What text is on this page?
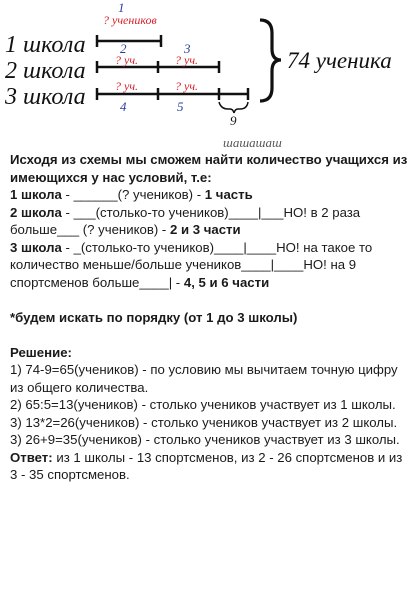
1 школа
2 школа
3 школа
1
? учеников
2	3
? уч.	? уч.
? уч.	? уч.
4	5
9
шашашаш
74 ученика

Исходя из схемы мы сможем найти количество учащихся из имеющихся у нас условий, т.е:

1 школа - ______(? учеников) - 1 часть

2 школа - ___(столько-то учеников)____|___НО! в 2 раза больше___ (? учеников) - 2 и 3 части

3 школа - _(столько-то учеников)____|____НО! на такое то количество меньше/больше учеников____|____НО! на 9 спортсменов больше____| - 4, 5 и 6 части

*будем искать по порядку (от 1 до 3 школы)

Решение:

1) 74-9=65(учеников) - по условию мы вычитаем точную цифру из общего количества.

2) 65:5=13(учеников) - столько учеников участвует из 1 школы.

3) 13*2=26(учеников) - столько учеников участвует из 2 школы.

3) 26+9=35(учеников) - столько учеников участвует из 3 школы.

Ответ: из 1 школы - 13 спортсменов, из 2 - 26 спортсменов и из 3 - 35 спортсменов.
